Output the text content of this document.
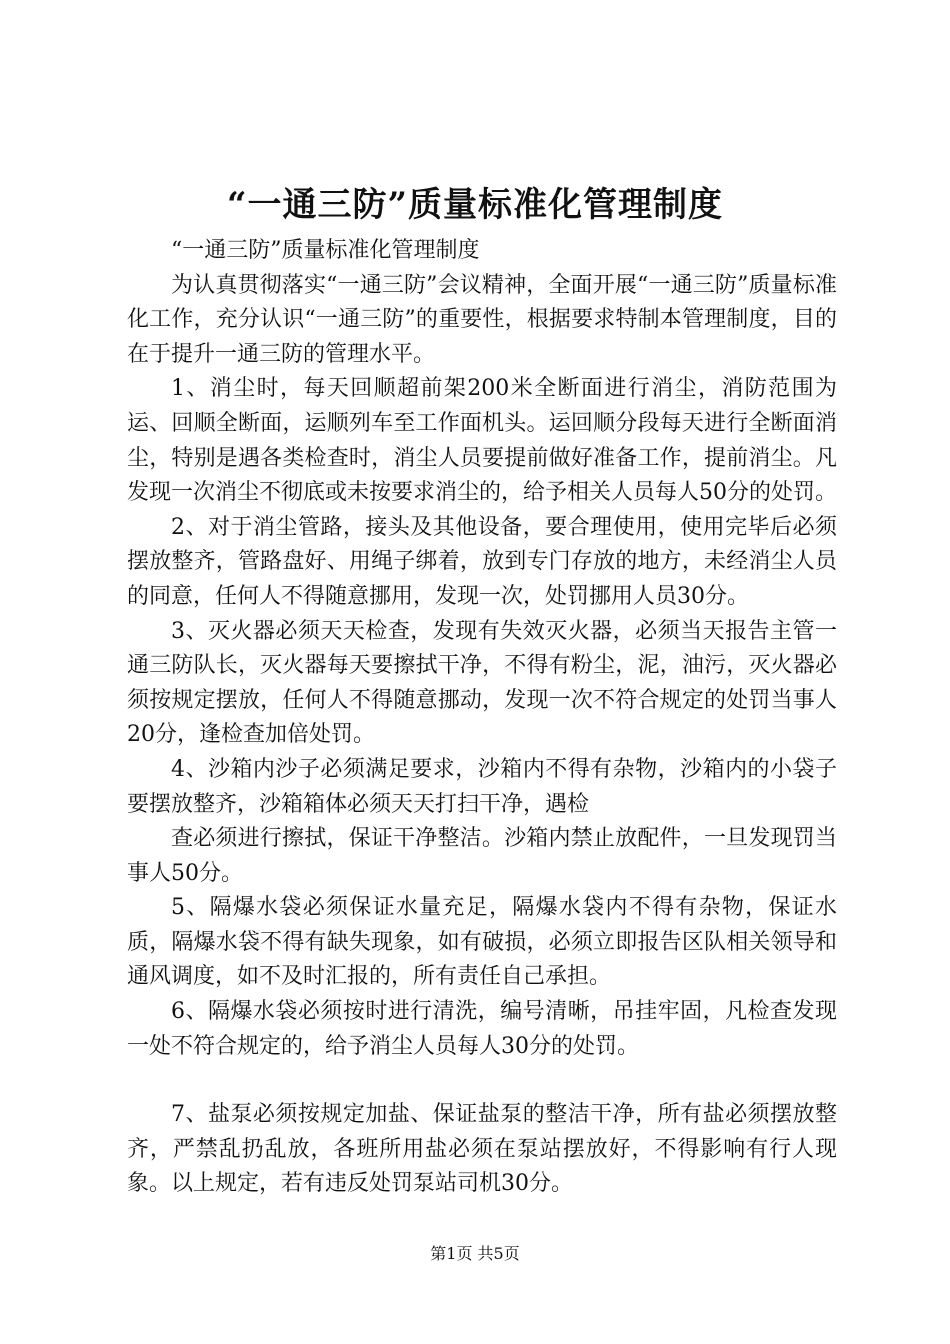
“一通三防”质量标准化管理制度

“一通三防”质量标准化管理制度

为认真贯彻落实“一通三防”会议精神，全面开展“一通三防”质量标准化工作，充分认识“一通三防”的重要性，根据要求特制本管理制度，目的在于提升一通三防的管理水平。

1、消尘时，每天回顺超前架200米全断面进行消尘，消防范围为运、回顺全断面，运顺列车至工作面机头。运回顺分段每天进行全断面消尘，特别是遇各类检查时，消尘人员要提前做好准备工作，提前消尘。凡发现一次消尘不彻底或未按要求消尘的，给予相关人员每人50分的处罚。

2、对于消尘管路，接头及其他设备，要合理使用，使用完毕后必须摆放整齐，管路盘好、用绳子绑着，放到专门存放的地方，未经消尘人员的同意，任何人不得随意挪用，发现一次，处罚挪用人员30分。

3、灭火器必须天天检查，发现有失效灭火器，必须当天报告主管一通三防队长，灭火器每天要擦拭干净，不得有粉尘，泥，油污，灭火器必须按规定摆放，任何人不得随意挪动，发现一次不符合规定的处罚当事人20分，逢检查加倍处罚。

4、沙箱内沙子必须满足要求，沙箱内不得有杂物，沙箱内的小袋子要摆放整齐，沙箱箱体必须天天打扫干净，遇检

查必须进行擦拭，保证干净整洁。沙箱内禁止放配件，一旦发现罚当事人50分。

5、隔爆水袋必须保证水量充足，隔爆水袋内不得有杂物，保证水质，隔爆水袋不得有缺失现象，如有破损，必须立即报告区队相关领导和通风调度，如不及时汇报的，所有责任自己承担。

6、隔爆水袋必须按时进行清洗，编号清晰，吊挂牢固，凡检查发现一处不符合规定的，给予消尘人员每人30分的处罚。

7、盐泵必须按规定加盐、保证盐泵的整洁干净，所有盐必须摆放整齐，严禁乱扔乱放，各班所用盐必须在泵站摆放好，不得影响有行人现象。以上规定，若有违反处罚泵站司机30分。

第1页 共5页
